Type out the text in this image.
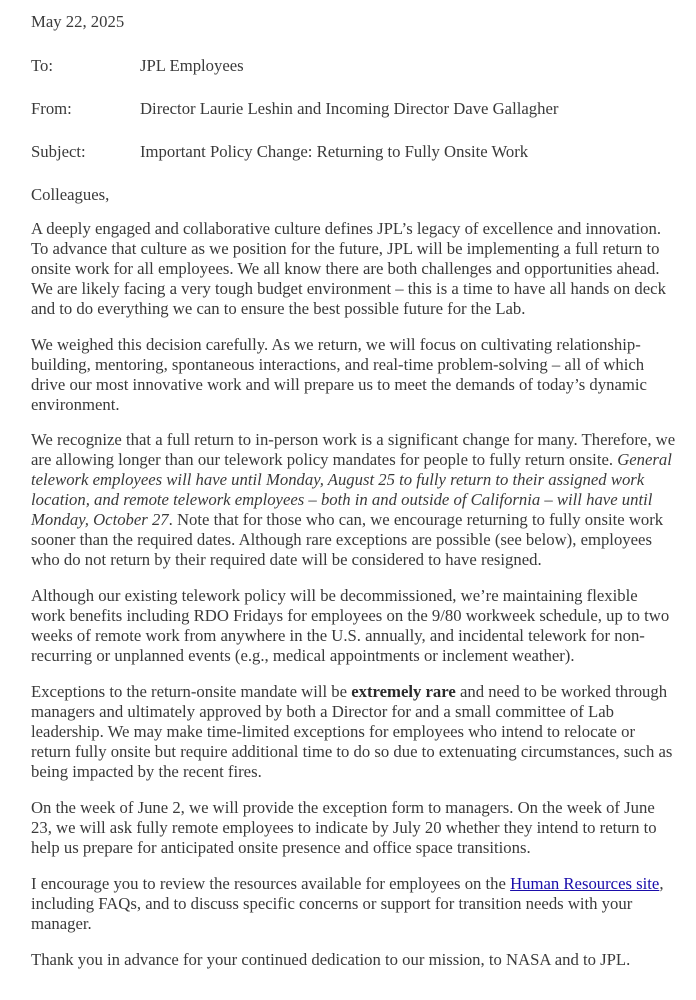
May 22, 2025
To:	JPL Employees
From:	Director Laurie Leshin and Incoming Director Dave Gallagher
Subject:	Important Policy Change: Returning to Fully Onsite Work
Colleagues,

A deeply engaged and collaborative culture defines JPL’s legacy of excellence and innovation. To advance that culture as we position for the future, JPL will be implementing a full return to onsite work for all employees. We all know there are both challenges and opportunities ahead. We are likely facing a very tough budget environment – this is a time to have all hands on deck and to do everything we can to ensure the best possible future for the Lab.

We weighed this decision carefully. As we return, we will focus on cultivating relationship-building, mentoring, spontaneous interactions, and real-time problem-solving – all of which drive our most innovative work and will prepare us to meet the demands of today’s dynamic environment.

We recognize that a full return to in-person work is a significant change for many. Therefore, we are allowing longer than our telework policy mandates for people to fully return onsite. General telework employees will have until Monday, August 25 to fully return to their assigned work location, and remote telework employees – both in and outside of California – will have until Monday, October 27. Note that for those who can, we encourage returning to fully onsite work sooner than the required dates. Although rare exceptions are possible (see below), employees who do not return by their required date will be considered to have resigned.

Although our existing telework policy will be decommissioned, we’re maintaining flexible work benefits including RDO Fridays for employees on the 9/80 workweek schedule, up to two weeks of remote work from anywhere in the U.S. annually, and incidental telework for non-recurring or unplanned events (e.g., medical appointments or inclement weather).

Exceptions to the return-onsite mandate will be extremely rare and need to be worked through managers and ultimately approved by both a Director for and a small committee of Lab leadership. We may make time-limited exceptions for employees who intend to relocate or return fully onsite but require additional time to do so due to extenuating circumstances, such as being impacted by the recent fires.

On the week of June 2, we will provide the exception form to managers. On the week of June 23, we will ask fully remote employees to indicate by July 20 whether they intend to return to help us prepare for anticipated onsite presence and office space transitions.

I encourage you to review the resources available for employees on the Human Resources site, including FAQs, and to discuss specific concerns or support for transition needs with your manager.

Thank you in advance for your continued dedication to our mission, to NASA and to JPL.
